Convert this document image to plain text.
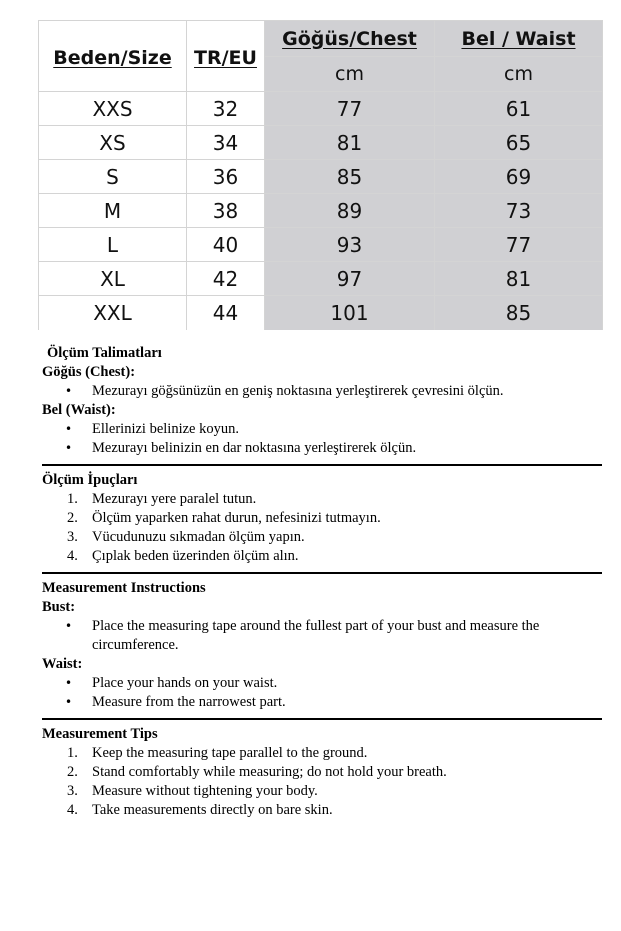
Beden/Size	TR/EU	Göğüs/Chest	Bel / Waist
		cm	cm
XXS	32	77	61
XS	34	81	65
S	36	85	69
M	38	89	73
L	40	93	77
XL	42	97	81
XXL	44	101	85
Ölçüm Talimatları
Göğüs (Chest):
• Mezurayı göğsünüzün en geniş noktasına yerleştirerek çevresini ölçün.
Bel (Waist):
• Ellerinizi belinize koyun.
• Mezurayı belinizin en dar noktasına yerleştirerek ölçün.
Ölçüm İpuçları
1. Mezurayı yere paralel tutun.
2. Ölçüm yaparken rahat durun, nefesinizi tutmayın.
3. Vücudunuzu sıkmadan ölçüm yapın.
4. Çıplak beden üzerinden ölçüm alın.
Measurement Instructions
Bust:
• Place the measuring tape around the fullest part of your bust and measure the circumference.
Waist:
• Place your hands on your waist.
• Measure from the narrowest part.
Measurement Tips
1. Keep the measuring tape parallel to the ground.
2. Stand comfortably while measuring; do not hold your breath.
3. Measure without tightening your body.
4. Take measurements directly on bare skin.
